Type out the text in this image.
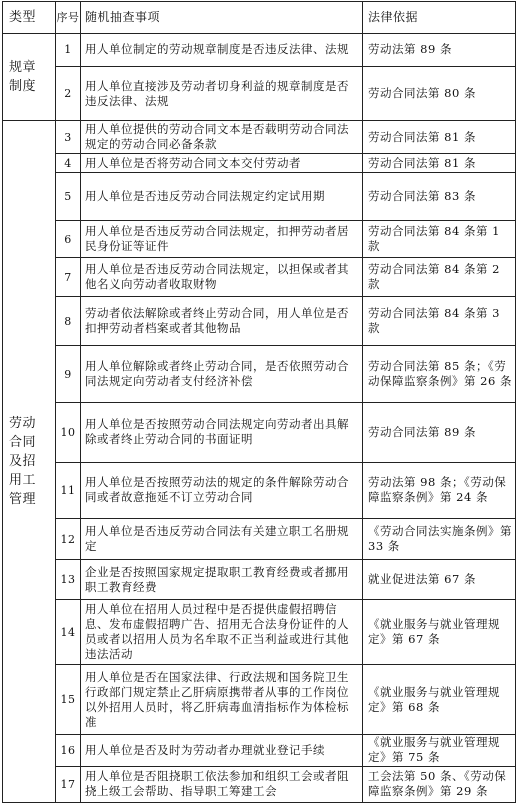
类型	序号	随机抽查事项	法律依据
规章制度	1	用人单位制定的劳动规章制度是否违反法律、法规	劳动法第 89 条
	2	用人单位直接涉及劳动者切身利益的规章制度是否违反法律、法规	劳动合同法第 80 条
劳动合同及招用工管理	3	用人单位提供的劳动合同文本是否载明劳动合同法规定的劳动合同必备条款	劳动合同法第 81 条
	4	用人单位是否将劳动合同文本交付劳动者	劳动合同法第 81 条
	5	用人单位是否违反劳动合同法规定约定试用期	劳动合同法第 83 条
	6	用人单位是否违反劳动合同法规定，扣押劳动者居民身份证等证件	劳动合同法第 84 条第 1 款
	7	用人单位是否违反劳动合同法规定，以担保或者其他名义向劳动者收取财物	劳动合同法第 84 条第 2 款
	8	劳动者依法解除或者终止劳动合同，用人单位是否扣押劳动者档案或者其他物品	劳动合同法第 84 条第 3 款
	9	用人单位解除或者终止劳动合同，是否依照劳动合同法规定向劳动者支付经济补偿	劳动合同法第 85 条；《劳动保障监察条例》第 26 条
	10	用人单位是否按照劳动合同法规定向劳动者出具解除或者终止劳动合同的书面证明	劳动合同法第 89 条
	11	用人单位是否按照劳动法的规定的条件解除劳动合同或者故意拖延不订立劳动合同	劳动法第 98 条；《劳动保障监察条例》第 24 条
	12	用人单位是否违反劳动合同法有关建立职工名册规定	《劳动合同法实施条例》第 33 条
	13	企业是否按照国家规定提取职工教育经费或者挪用职工教育经费	就业促进法第 67 条
	14	用人单位在招用人员过程中是否提供虚假招聘信息、发布虚假招聘广告、招用无合法身份证件的人员或者以招用人员为名牟取不正当利益或进行其他违法活动	《就业服务与就业管理规定》第 67 条
	15	用人单位是否在国家法律、行政法规和国务院卫生行政部门规定禁止乙肝病原携带者从事的工作岗位以外招用人员时，将乙肝病毒血清指标作为体检标准	《就业服务与就业管理规定》第 68 条
	16	用人单位是否及时为劳动者办理就业登记手续	《就业服务与就业管理规定》第 75 条
	17	用人单位是否阻挠职工依法参加和组织工会或者阻挠上级工会帮助、指导职工筹建工会	工会法第 50 条、《劳动保障监察条例》第 29 条
